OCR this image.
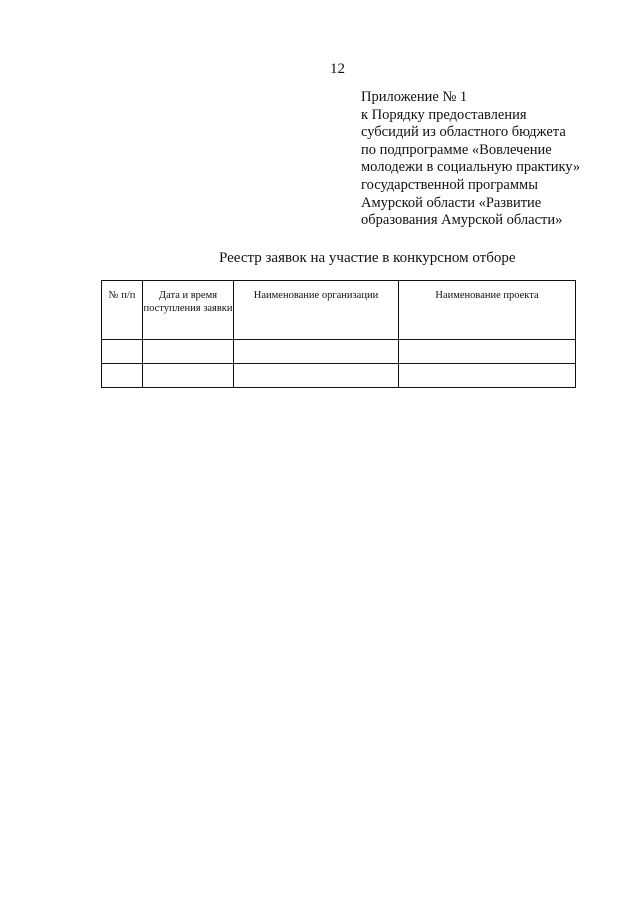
12
Приложение № 1
к Порядку предоставления
субсидий из областного бюджета
по подпрограмме «Вовлечение
молодежи в социальную практику»
государственной программы
Амурской области «Развитие
образования Амурской области»
Реестр заявок на участие в конкурсном отборе
№ п/п	Дата и время поступления заявки	Наименование организации	Наименование проекта
